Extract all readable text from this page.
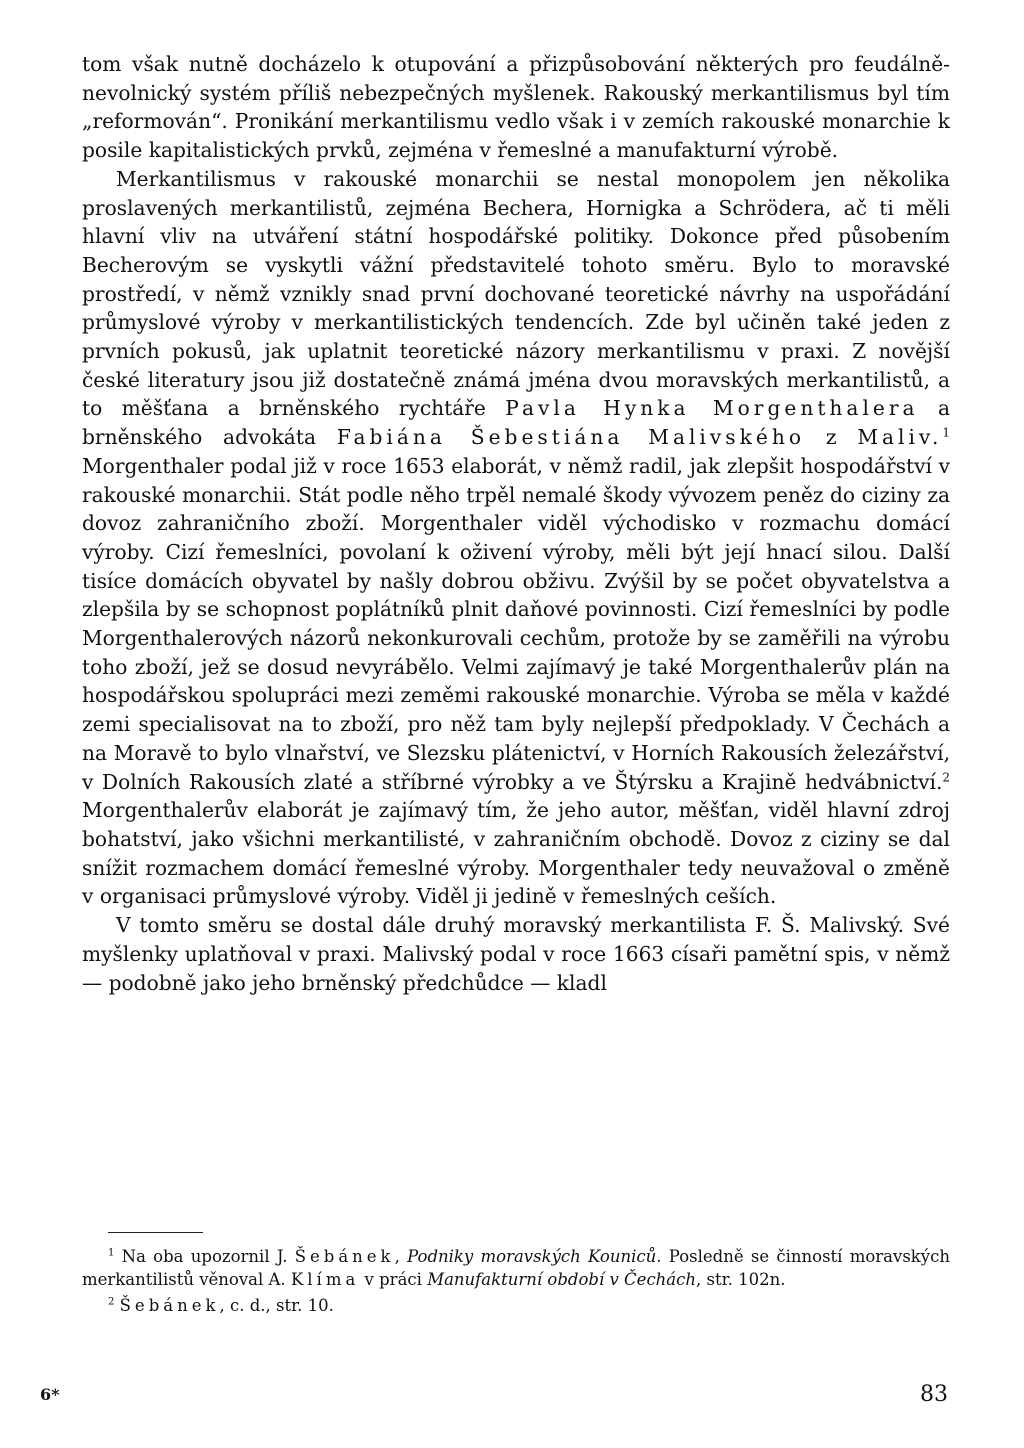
tom však nutně docházelo k otupování a přizpůsobování některých pro feudálně-nevolnický systém příliš nebezpečných myšlenek. Rakouský merkantilismus byl tím „reformován“. Pronikání merkantilismu vedlo však i v zemích rakouské monarchie k posile kapitalistických prvků, zejména v řemeslné a manufakturní výrobě.

Merkantilismus v rakouské monarchii se nestal monopolem jen několika proslavených merkantilistů, zejména Bechera, Hornigka a Schrödera, ač ti měli hlavní vliv na utváření státní hospodářské politiky. Dokonce před působením Becherovým se vyskytli vážní představitelé tohoto směru. Bylo to moravské prostředí, v němž vznikly snad první dochované teoretické návrhy na uspořádání průmyslové výroby v merkantilistických tendencích. Zde byl učiněn také jeden z prvních pokusů, jak uplatnit teoretické názory merkantilismu v praxi. Z novější české literatury jsou již dostatečně známá jména dvou moravských merkantilistů, a to měšťana a brněnského rychtáře Pavla Hynka Morgenthalera a brněnského advokáta Fabiána Šebestiána Malivského z Maliv.$^1$ Morgenthaler podal již v roce 1653 elaborát, v němž radil, jak zlepšit hospodářství v rakouské monarchii. Stát podle něho trpěl nemalé škody vývozem peněz do ciziny za dovoz zahraničního zboží. Morgenthaler viděl východisko v rozmachu domácí výroby. Cizí řemeslníci, povolaní k oživení výroby, měli být její hnací silou. Další tisíce domácích obyvatel by našly dobrou obživu. Zvýšil by se počet obyvatelstva a zlepšila by se schopnost poplátníků plnit daňové povinnosti. Cizí řemeslníci by podle Morgenthalerových názorů nekonkurovali cechům, protože by se zaměřili na výrobu toho zboží, jež se dosud nevyrábělo. Velmi zajímavý je také Morgenthalerův plán na hospodářskou spolupráci mezi zeměmi rakouské monarchie. Výroba se měla v každé zemi specialisovat na to zboží, pro něž tam byly nejlepší předpoklady. V Čechách a na Moravě to bylo vlnařství, ve Slezsku plátenictví, v Horních Rakousích železářství, v Dolních Rakousích zlaté a stříbrné výrobky a ve Štýrsku a Krajině hedvábnictví.$^2$ Morgenthalerův elaborát je zajímavý tím, že jeho autor, měšťan, viděl hlavní zdroj bohatství, jako všichni merkantilisté, v zahraničním obchodě. Dovoz z ciziny se dal snížit rozmachem domácí řemeslné výroby. Morgenthaler tedy neuvažoval o změně v organisaci průmyslové výroby. Viděl ji jedině v řemeslných ceších.

V tomto směru se dostal dále druhý moravský merkantilista F. Š. Malivský. Své myšlenky uplatňoval v praxi. Malivský podal v roce 1663 císaři pamětní spis, v němž — podobně jako jeho brněnský předchůdce — kladl

$^1$ Na oba upozornil J. Šebánek, Podniky moravských Kouniců. Posledně se činností moravských merkantilistů věnoval A. Klíma v práci Manufakturní období v Čechách, str. 102n.

$^2$ Šebánek, c. d., str. 10.

6*	83
